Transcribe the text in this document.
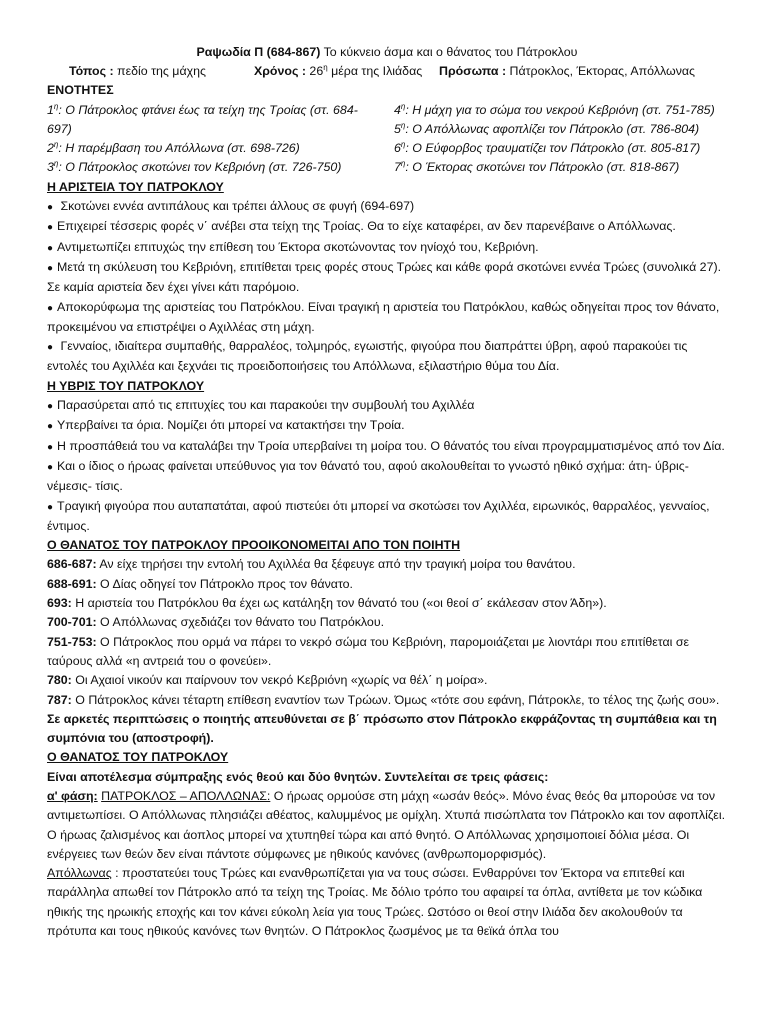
Ραψωδία Π (684-867) Το κύκνειο άσμα και ο θάνατος του Πάτροκλου
Τόπος : πεδίο της μάχης	Χρόνος : $26^\eta$ μέρα της Ιλιάδας Πρόσωπα : Πάτροκλος, Έκτορας, Απόλλωνας
ΕΝΟΤΗΤΕΣ
$1^\eta$: Ο Πάτροκλος φτάνει έως τα τείχη της Τροίας (στ. 684-697)
$2^\eta$: Η παρέμβαση του Απόλλωνα (στ. 698-726)
$3^\eta$: Ο Πάτροκλος σκοτώνει τον Κεβριόνη (στ. 726-750)
$4^\eta$: Η μάχη για το σώμα του νεκρού Κεβριόνη (στ. 751-785)
$5^\eta$: Ο Απόλλωνας αφοπλίζει τον Πάτροκλο (στ. 786-804)
$6^\eta$: Ο Εύφορβος τραυματίζει τον Πάτροκλο (στ. 805-817)
$7^\eta$: Ο Έκτορας σκοτώνει τον Πάτροκλο (στ. 818-867)
Η ΑΡΙΣΤΕΙΑ ΤΟΥ ΠΑΤΡΟΚΛΟΥ
● Σκοτώνει εννέα αντιπάλους και τρέπει άλλους σε φυγή (694-697)
● Επιχειρεί τέσσερις φορές ν΄ ανέβει στα τείχη της Τροίας. Θα το είχε καταφέρει, αν δεν παρενέβαινε ο Απόλλωνας.
● Αντιμετωπίζει επιτυχώς την επίθεση του Έκτορα σκοτώνοντας τον ηνίοχό του, Κεβριόνη.
● Μετά τη σκύλευση του Κεβριόνη, επιτίθεται τρεις φορές στους Τρώες και κάθε φορά σκοτώνει εννέα Τρώες (συνολικά 27). Σε καμία αριστεία δεν έχει γίνει κάτι παρόμοιο.
● Αποκορύφωμα της αριστείας του Πατρόκλου. Είναι τραγική η αριστεία του Πατρόκλου, καθώς οδηγείται προς τον θάνατο, προκειμένου να επιστρέψει ο Αχιλλέας στη μάχη.
● Γενναίος, ιδιαίτερα συμπαθής, θαρραλέος, τολμηρός, εγωιστής, φιγούρα που διαπράττει ύβρη, αφού παρακούει τις εντολές του Αχιλλέα και ξεχνάει τις προειδοποιήσεις του Απόλλωνα, εξιλαστήριο θύμα του Δία.
Η ΥΒΡΙΣ ΤΟΥ ΠΑΤΡΟΚΛΟΥ
● Παρασύρεται από τις επιτυχίες του και παρακούει την συμβουλή του Αχιλλέα
● Υπερβαίνει τα όρια. Νομίζει ότι μπορεί να κατακτήσει την Τροία.
● Η προσπάθειά του να καταλάβει την Τροία υπερβαίνει τη μοίρα του. Ο θάνατός του είναι προγραμματισμένος από τον Δία.
● Και ο ίδιος ο ήρωας φαίνεται υπεύθυνος για τον θάνατό του, αφού ακολουθείται το γνωστό ηθικό σχήμα: άτη- ύβρις- νέμεσις- τίσις.
● Τραγική φιγούρα που αυταπατάται, αφού πιστεύει ότι μπορεί να σκοτώσει τον Αχιλλέα, ειρωνικός, θαρραλέος, γενναίος, έντιμος.
Ο ΘΑΝΑΤΟΣ ΤΟΥ ΠΑΤΡΟΚΛΟΥ ΠΡΟΟΙΚΟΝΟΜΕΙΤΑΙ ΑΠΟ ΤΟΝ ΠΟΙΗΤΗ
686-687: Αν είχε τηρήσει την εντολή του Αχιλλέα θα ξέφευγε από την τραγική μοίρα του θανάτου.
688-691: Ο Δίας οδηγεί τον Πάτροκλο προς τον θάνατο.
693: Η αριστεία του Πατρόκλου θα έχει ως κατάληξη τον θάνατό του («οι θεοί σ΄ εκάλεσαν στον Άδη»).
700-701: Ο Απόλλωνας σχεδιάζει τον θάνατο του Πατρόκλου.
751-753: Ο Πάτροκλος που ορμά να πάρει το νεκρό σώμα του Κεβριόνη, παρομοιάζεται με λιοντάρι που επιτίθεται σε ταύρους αλλά «η αντρειά του ο φονεύει».
780: Οι Αχαιοί νικούν και παίρνουν τον νεκρό Κεβριόνη «χωρίς να θέλ΄ η μοίρα».
787: Ο Πάτροκλος κάνει τέταρτη επίθεση εναντίον των Τρώων. Όμως «τότε σου εφάνη, Πάτροκλε, το τέλος της ζωής σου».
Σε αρκετές περιπτώσεις ο ποιητής απευθύνεται σε β΄ πρόσωπο στον Πάτροκλο εκφράζοντας τη συμπάθεια και τη συμπόνια του (αποστροφή).
Ο ΘΑΝΑΤΟΣ ΤΟΥ ΠΑΤΡΟΚΛΟΥ
Είναι αποτέλεσμα σύμπραξης ενός θεού και δύο θνητών. Συντελείται σε τρεις φάσεις:
α' φάση: ΠΑΤΡΟΚΛΟΣ – ΑΠΟΛΛΩΝΑΣ: Ο ήρωας ορμούσε στη μάχη «ωσάν θεός». Μόνο ένας θεός θα μπορούσε να τον αντιμετωπίσει. Ο Απόλλωνας πλησιάζει αθέατος, καλυμμένος με ομίχλη. Χτυπά πισώπλατα τον Πάτροκλο και τον αφοπλίζει. Ο ήρωας ζαλισμένος και άοπλος μπορεί να χτυπηθεί τώρα και από θνητό. Ο Απόλλωνας χρησιμοποιεί δόλια μέσα. Οι ενέργειες των θεών δεν είναι πάντοτε σύμφωνες με ηθικούς κανόνες (ανθρωπομορφισμός).
Απόλλωνας : προστατεύει τους Τρώες και ενανθρωπίζεται για να τους σώσει. Ενθαρρύνει τον Έκτορα να επιτεθεί και παράλληλα απωθεί τον Πάτροκλο από τα τείχη της Τροίας. Με δόλιο τρόπο του αφαιρεί τα όπλα, αντίθετα με τον κώδικα ηθικής της ηρωικής εποχής και τον κάνει εύκολη λεία για τους Τρώες. Ωστόσο οι θεοί στην Ιλιάδα δεν ακολουθούν τα πρότυπα και τους ηθικούς κανόνες των θνητών. Ο Πάτροκλος ζωσμένος με τα θεϊκά όπλα του
